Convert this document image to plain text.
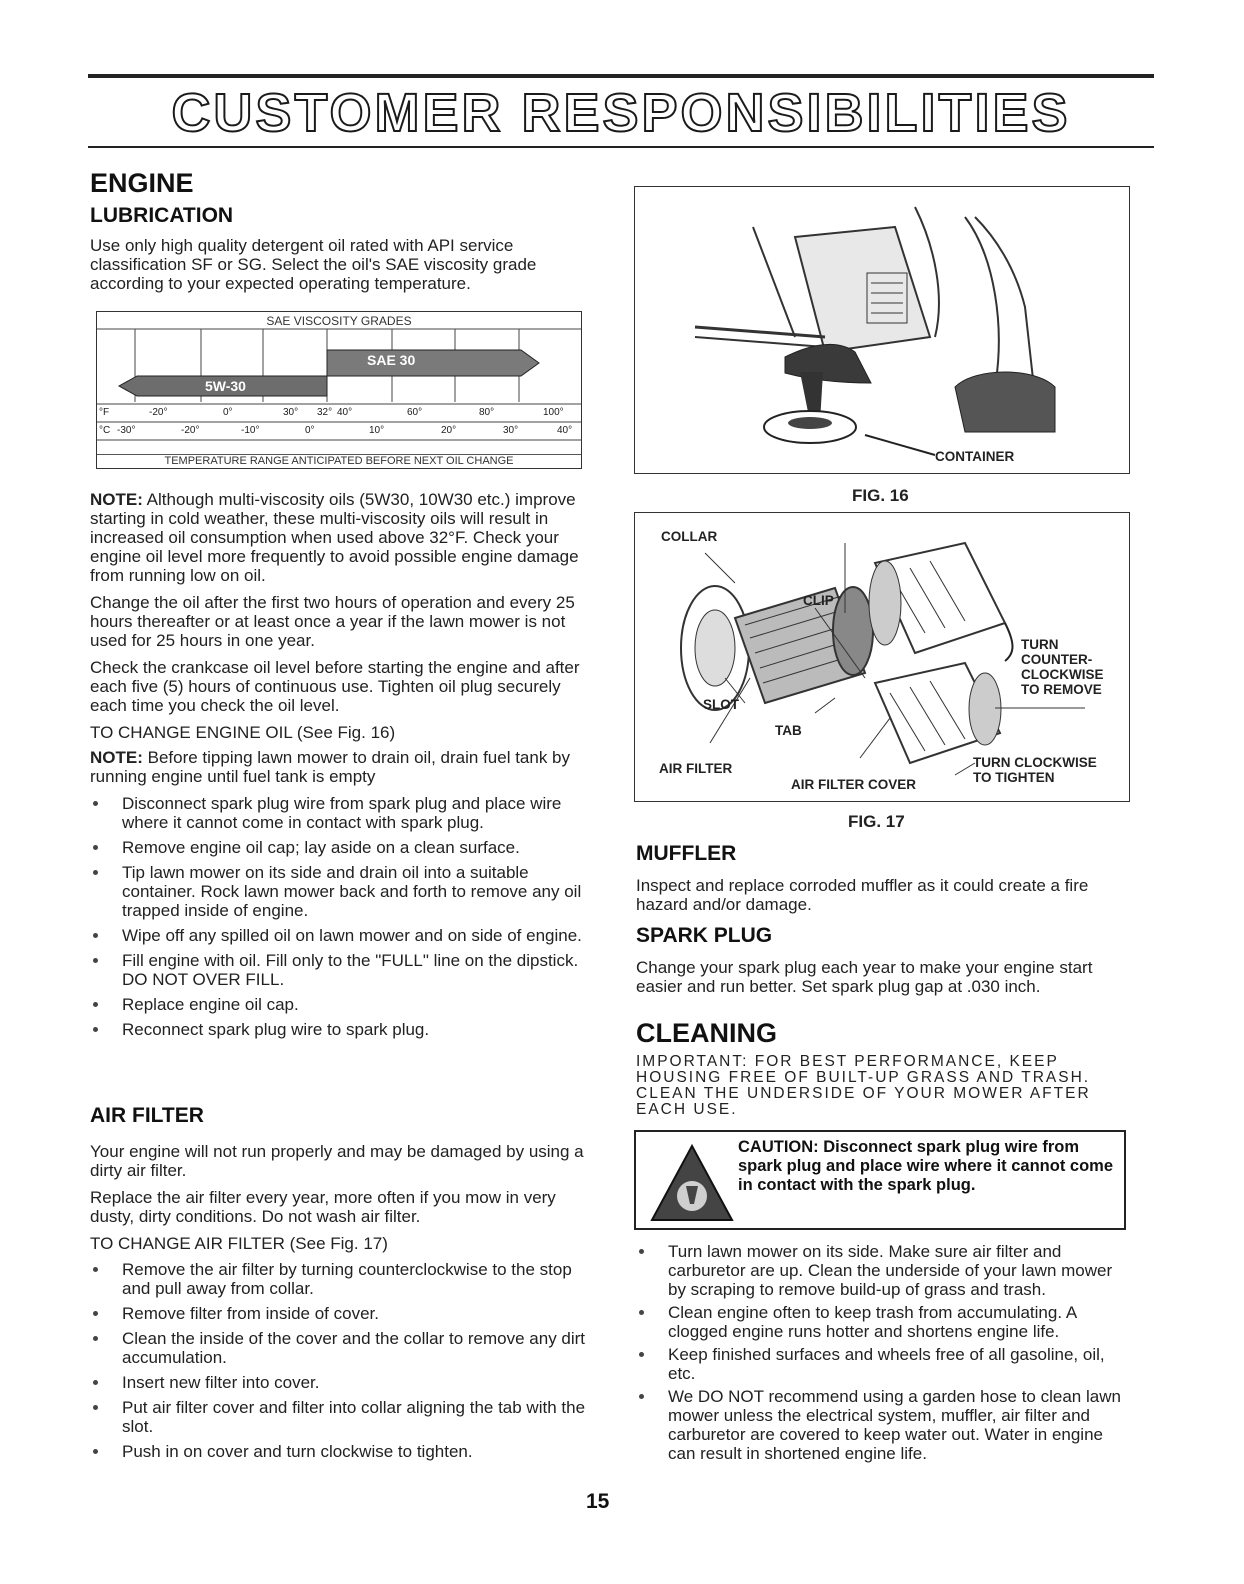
CUSTOMER RESPONSIBILITIES
ENGINE
LUBRICATION

Use only high quality detergent oil rated with API service classification SF or SG. Select the oil's SAE viscosity grade according to your expected operating temperature.

SAE VISCOSITY GRADES
SAE 30
5W-30
°F	-20°	0°	30° 32° 40°	60°	80°	100°
°C -30°	-20°	-10°	0°	10°	20°	30°	40°
TEMPERATURE RANGE ANTICIPATED BEFORE NEXT OIL CHANGE

NOTE: Although multi-viscosity oils (5W30, 10W30 etc.) improve starting in cold weather, these multi-viscosity oils will result in increased oil consumption when used above 32°F. Check your engine oil level more frequently to avoid possible engine damage from running low on oil.

Change the oil after the first two hours of operation and every 25 hours thereafter or at least once a year if the lawn mower is not used for 25 hours in one year.

Check the crankcase oil level before starting the engine and after each five (5) hours of continuous use. Tighten oil plug securely each time you check the oil level.

TO CHANGE ENGINE OIL (See Fig. 16)

NOTE: Before tipping lawn mower to drain oil, drain fuel tank by running engine until fuel tank is empty

Disconnect spark plug wire from spark plug and place wire where it cannot come in contact with spark plug.
Remove engine oil cap; lay aside on a clean surface.
Tip lawn mower on its side and drain oil into a suitable container. Rock lawn mower back and forth to remove any oil trapped inside of engine.
Wipe off any spilled oil on lawn mower and on side of engine.
Fill engine with oil. Fill only to the "FULL" line on the dipstick. DO NOT OVER FILL.
Replace engine oil cap.
Reconnect spark plug wire to spark plug.
AIR FILTER

Your engine will not run properly and may be damaged by using a dirty air filter.

Replace the air filter every year, more often if you mow in very dusty, dirty conditions. Do not wash air filter.

TO CHANGE AIR FILTER (See Fig. 17)

Remove the air filter by turning counterclockwise to the stop and pull away from collar.
Remove filter from inside of cover.
Clean the inside of the cover and the collar to remove any dirt accumulation.
Insert new filter into cover.
Put air filter cover and filter into collar aligning the tab with the slot.
Push in on cover and turn clockwise to tighten.
CONTAINER
FIG. 16
COLLAR
CLIP
TURN
COUNTER-
CLOCKWISE
TO REMOVE
SLOT
TAB
AIR FILTER
AIR FILTER COVER
TURN CLOCKWISE
TO TIGHTEN
FIG. 17
MUFFLER

Inspect and replace corroded muffler as it could create a fire hazard and/or damage.

SPARK PLUG

Change your spark plug each year to make your engine start easier and run better. Set spark plug gap at .030 inch.

CLEANING

IMPORTANT: FOR BEST PERFORMANCE, KEEP HOUSING FREE OF BUILT-UP GRASS AND TRASH. CLEAN THE UNDERSIDE OF YOUR MOWER AFTER EACH USE.

CAUTION: Disconnect spark plug wire from spark plug and place wire where it cannot come in contact with the spark plug.
Turn lawn mower on its side. Make sure air filter and carburetor are up. Clean the underside of your lawn mower by scraping to remove build-up of grass and trash.
Clean engine often to keep trash from accumulating. A clogged engine runs hotter and shortens engine life.
Keep finished surfaces and wheels free of all gasoline, oil, etc.
We DO NOT recommend using a garden hose to clean lawn mower unless the electrical system, muffler, air filter and carburetor are covered to keep water out. Water in engine can result in shortened engine life.
15
